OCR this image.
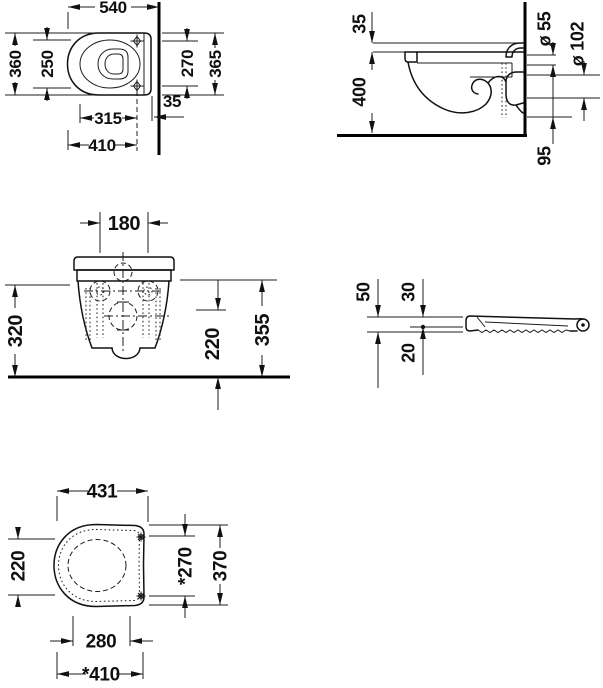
540
360 250	270 365
35
315
410
35
400
ø 55 ø 102
95
180
320	220 355
50 30
20
431
220	*270 370
280
*410
